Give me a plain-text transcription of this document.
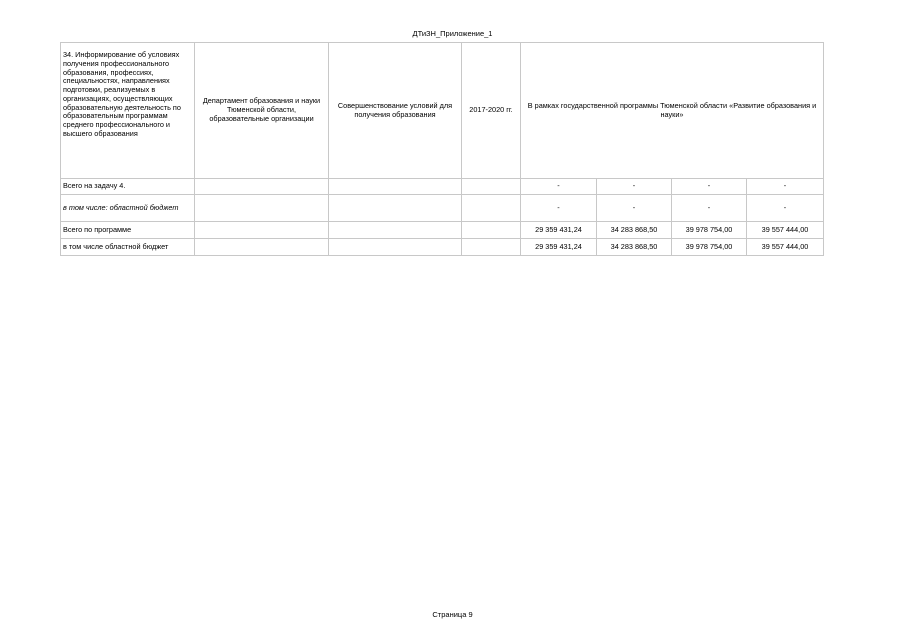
ДТиЗН_Приложение_1
34. Информирование об условиях получения профессионального образования, профессиях, специальностях, направлениях подготовки, реализуемых в организациях, осуществляющих образовательную деятельность по образовательным программам среднего профессионального и высшего образования	Департамент образования и науки Тюменской области, образовательные организации	Совершенствование условий для получения образования	2017-2020 гг.	В рамках государственной программы Тюменской области «Развитие образования и науки»			
Всего на задачу 4.				-	-	-	-
в том числе: областной бюджет				-	-	-	-
Всего по программе				29 359 431,24	34 283 868,50	39 978 754,00	39 557 444,00
в том числе областной бюджет				29 359 431,24	34 283 868,50	39 978 754,00	39 557 444,00
Страница 9
